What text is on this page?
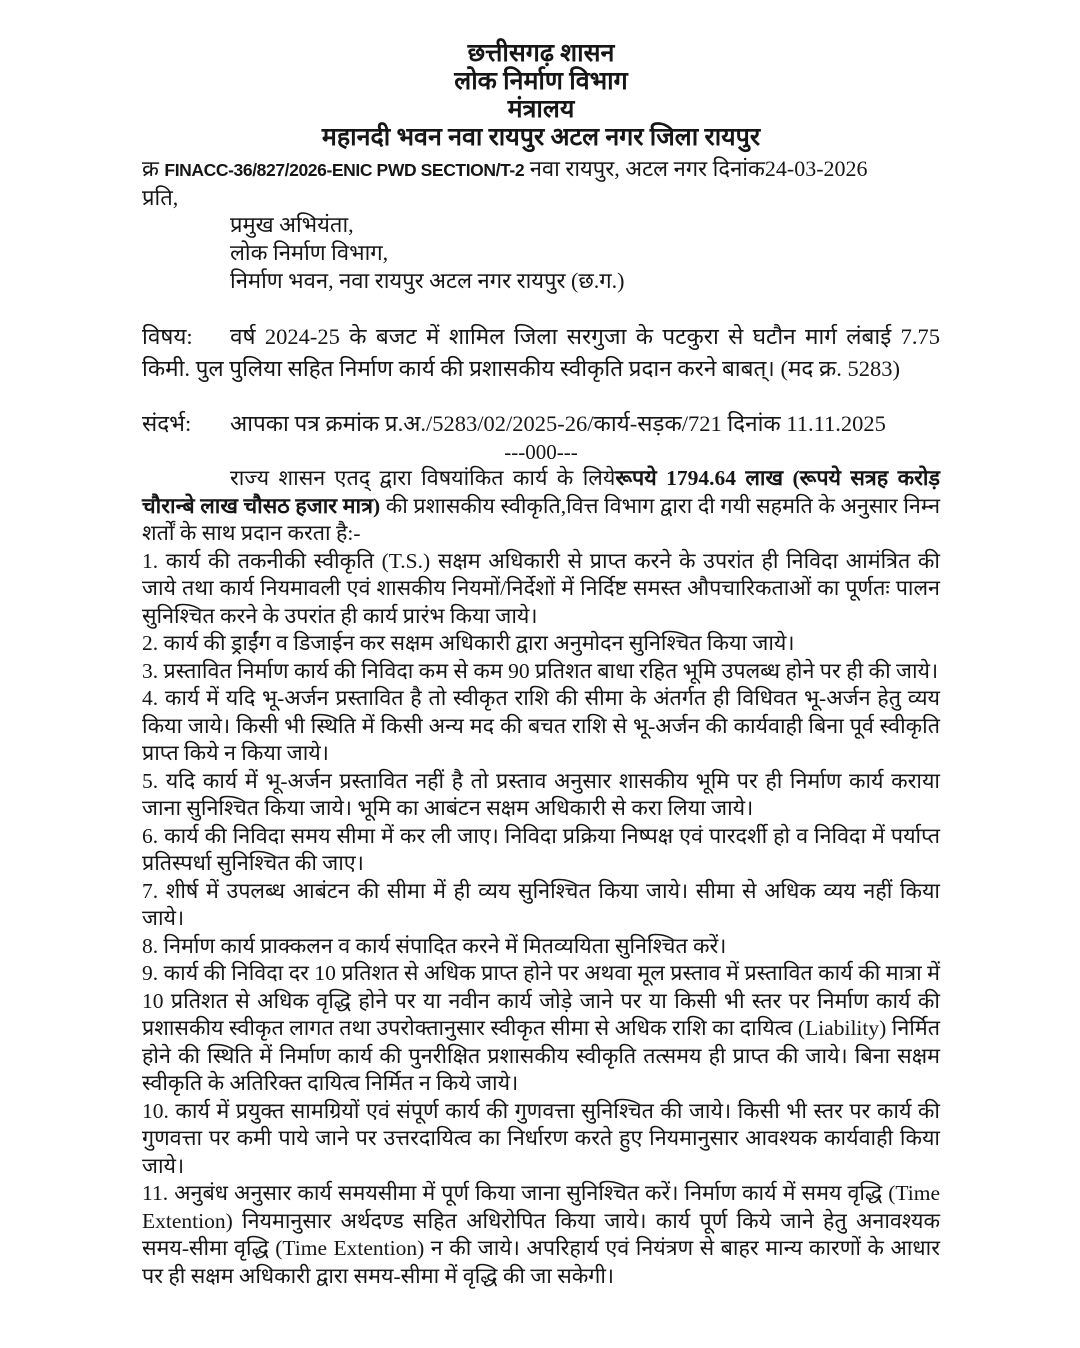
छत्तीसगढ़ शासन
लोक निर्माण विभाग
मंत्रालय
महानदी भवन नवा रायपुर अटल नगर जिला रायपुर
क्र FINACC-36/827/2026-ENIC PWD SECTION/T-2 नवा रायपुर, अटल नगर दिनांक24-03-2026
प्रति,
प्रमुख अभियंता,
लोक निर्माण विभाग,
निर्माण भवन, नवा रायपुर अटल नगर रायपुर (छ.ग.)

विषय: वर्ष 2024-25 के बजट में शामिल जिला सरगुजा के पटकुरा से घटौन मार्ग लंबाई 7.75 किमी. पुल पुलिया सहित निर्माण कार्य की प्रशासकीय स्वीकृति प्रदान करने बाबत्। (मद क्र. 5283)

संदर्भ: आपका पत्र क्रमांक प्र.अ./5283/02/2025-26/कार्य-सड़क/721 दिनांक 11.11.2025

---000---

राज्य शासन एतद् द्वारा विषयांकित कार्य के लियेरूपये 1794.64 लाख (रूपये सत्रह करोड़ चौरान्बे लाख चौसठ हजार मात्र) की प्रशासकीय स्वीकृति,वित्त विभाग द्वारा दी गयी सहमति के अनुसार निम्न शर्तों के साथ प्रदान करता है:-

1. कार्य की तकनीकी स्वीकृति (T.S.) सक्षम अधिकारी से प्राप्त करने के उपरांत ही निविदा आमंत्रित की जाये तथा कार्य नियमावली एवं शासकीय नियमों/निर्देशों में निर्दिष्ट समस्त औपचारिकताओं का पूर्णतः पालन सुनिश्चित करने के उपरांत ही कार्य प्रारंभ किया जाये।

2. कार्य की ड्राईंग व डिजाईन कर सक्षम अधिकारी द्वारा अनुमोदन सुनिश्चित किया जाये।

3. प्रस्तावित निर्माण कार्य की निविदा कम से कम 90 प्रतिशत बाधा रहित भूमि उपलब्ध होने पर ही की जाये।

4. कार्य में यदि भू-अर्जन प्रस्तावित है तो स्वीकृत राशि की सीमा के अंतर्गत ही विधिवत भू-अर्जन हेतु व्यय किया जाये। किसी भी स्थिति में किसी अन्य मद की बचत राशि से भू-अर्जन की कार्यवाही बिना पूर्व स्वीकृति प्राप्त किये न किया जाये।

5. यदि कार्य में भू-अर्जन प्रस्तावित नहीं है तो प्रस्ताव अनुसार शासकीय भूमि पर ही निर्माण कार्य कराया जाना सुनिश्चित किया जाये। भूमि का आबंटन सक्षम अधिकारी से करा लिया जाये।

6. कार्य की निविदा समय सीमा में कर ली जाए। निविदा प्रक्रिया निष्पक्ष एवं पारदर्शी हो व निविदा में पर्याप्त प्रतिस्पर्धा सुनिश्चित की जाए।

7. शीर्ष में उपलब्ध आबंटन की सीमा में ही व्यय सुनिश्चित किया जाये। सीमा से अधिक व्यय नहीं किया जाये।

8. निर्माण कार्य प्राक्कलन व कार्य संपादित करने में मितव्ययिता सुनिश्चित करें।

9. कार्य की निविदा दर 10 प्रतिशत से अधिक प्राप्त होने पर अथवा मूल प्रस्ताव में प्रस्तावित कार्य की मात्रा में 10 प्रतिशत से अधिक वृद्धि होने पर या नवीन कार्य जोड़े जाने पर या किसी भी स्तर पर निर्माण कार्य की प्रशासकीय स्वीकृत लागत तथा उपरोक्तानुसार स्वीकृत सीमा से अधिक राशि का दायित्व (Liability) निर्मित होने की स्थिति में निर्माण कार्य की पुनरीक्षित प्रशासकीय स्वीकृति तत्समय ही प्राप्त की जाये। बिना सक्षम स्वीकृति के अतिरिक्त दायित्व निर्मित न किये जाये।

10. कार्य में प्रयुक्त सामग्रियों एवं संपूर्ण कार्य की गुणवत्ता सुनिश्चित की जाये। किसी भी स्तर पर कार्य की गुणवत्ता पर कमी पाये जाने पर उत्तरदायित्व का निर्धारण करते हुए नियमानुसार आवश्यक कार्यवाही किया जाये।

11. अनुबंध अनुसार कार्य समयसीमा में पूर्ण किया जाना सुनिश्चित करें। निर्माण कार्य में समय वृद्धि (Time Extention) नियमानुसार अर्थदण्ड सहित अधिरोपित किया जाये। कार्य पूर्ण किये जाने हेतु अनावश्यक समय-सीमा वृद्धि (Time Extention) न की जाये। अपरिहार्य एवं नियंत्रण से बाहर मान्य कारणों के आधार पर ही सक्षम अधिकारी द्वारा समय-सीमा में वृद्धि की जा सकेगी।
